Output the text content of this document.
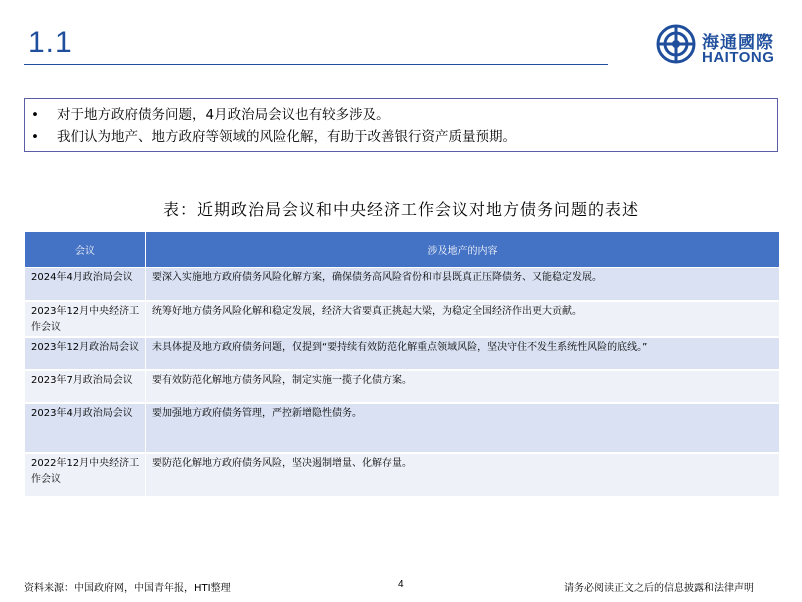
1.1	海通國際
HAITONG
•	对于地方政府债务问题，4月政治局会议也有较多涉及。
•	我们认为地产、地方政府等领域的风险化解，有助于改善银行资产质量预期。
表：近期政治局会议和中央经济工作会议对地方债务问题的表述
会议	涉及地产的内容
2024年4月政治局会议	要深入实施地方政府债务风险化解方案，确保债务高风险省份和市县既真正压降债务、又能稳定发展。
2023年12月中央经济工作会议	统筹好地方债务风险化解和稳定发展，经济大省要真正挑起大梁，为稳定全国经济作出更大贡献。
2023年12月政治局会议	未具体提及地方政府债务问题，仅提到“要持续有效防范化解重点领域风险，坚决守住不发生系统性风险的底线。”
2023年7月政治局会议	要有效防范化解地方债务风险，制定实施一揽子化债方案。
2023年4月政治局会议	要加强地方政府债务管理，严控新增隐性债务。
2022年12月中央经济工作会议	要防范化解地方政府债务风险，坚决遏制增量、化解存量。
资料来源：中国政府网，中国青年报，HTI整理	4	请务必阅读正文之后的信息披露和法律声明
